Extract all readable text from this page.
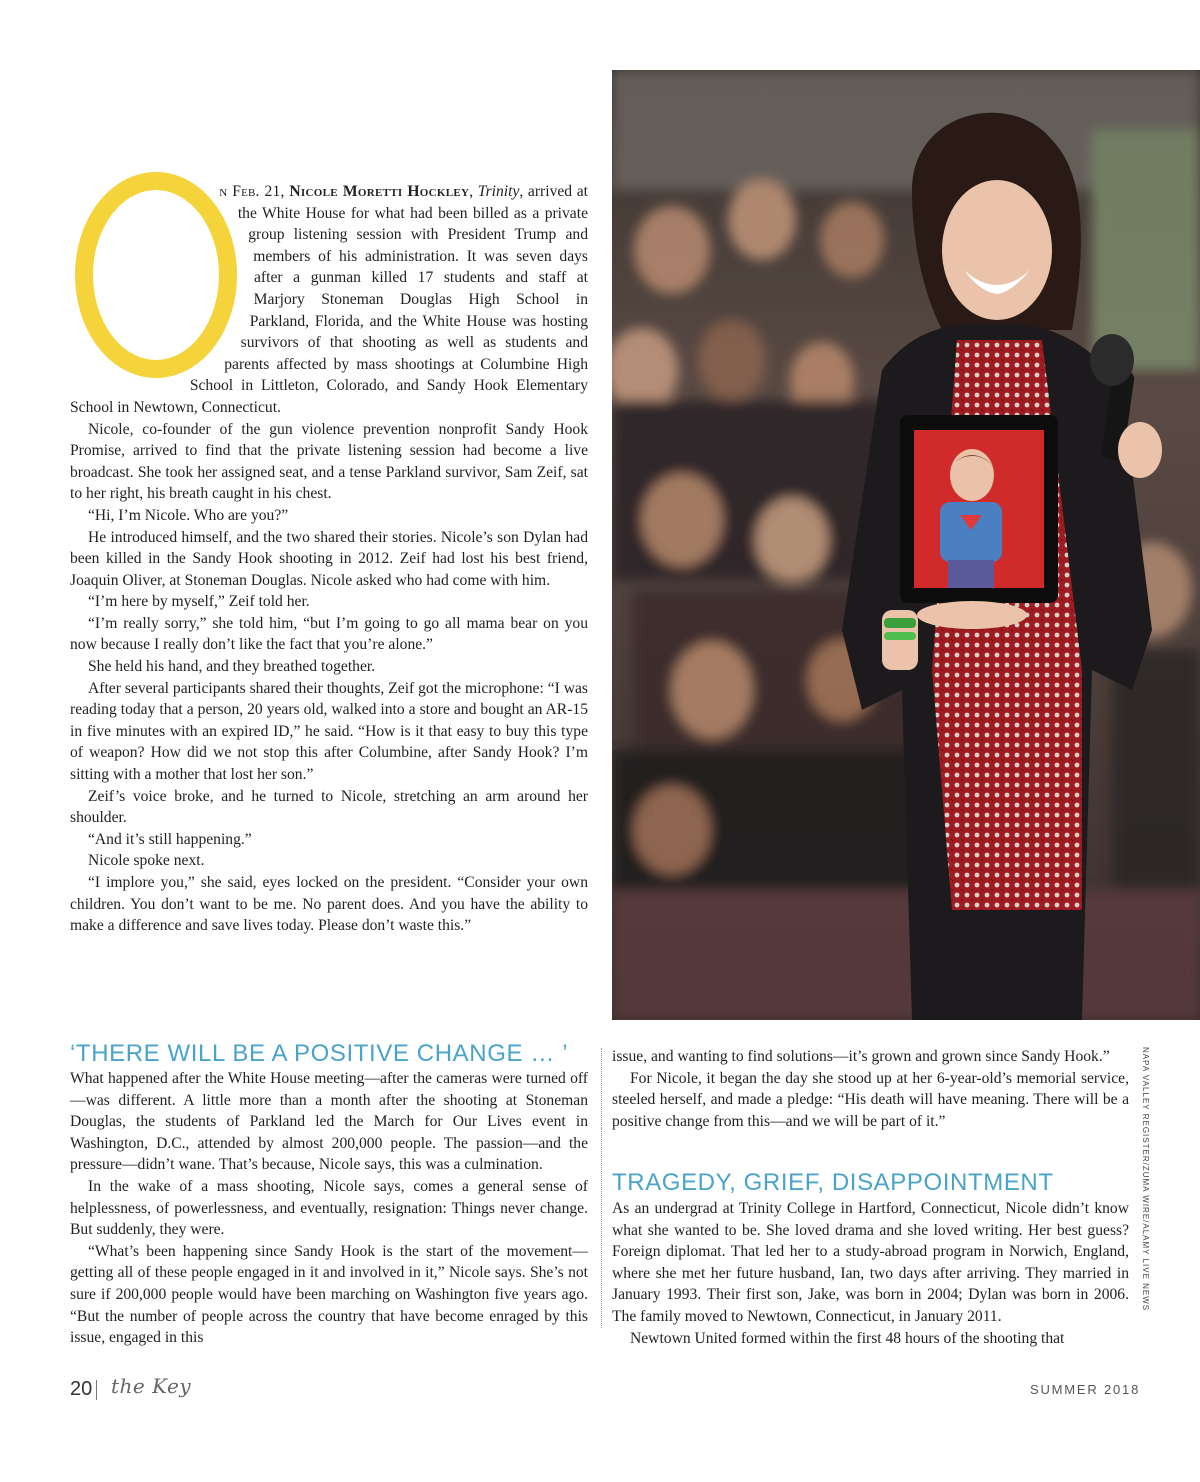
NAPA VALLEY REGISTER/ZUMA WIRE/ALAMY LIVE NEWS

n Feb. 21, Nicole Moretti Hockley, Trinity, arrived at the White House for what had been billed as a private group listening session with President Trump and members of his administration. It was seven days after a gunman killed 17 students and staff at Marjory Stoneman Douglas High School in Parkland, Florida, and the White House was hosting survivors of that shooting as well as students and parents affected by mass shootings at Columbine High School in Littleton, Colorado, and Sandy Hook Elementary School in Newtown, Connecticut.

Nicole, co-founder of the gun violence prevention nonprofit Sandy Hook Promise, arrived to find that the private listening session had become a live broadcast. She took her assigned seat, and a tense Parkland survivor, Sam Zeif, sat to her right, his breath caught in his chest.

“Hi, I’m Nicole. Who are you?”

He introduced himself, and the two shared their stories. Nicole’s son Dylan had been killed in the Sandy Hook shooting in 2012. Zeif had lost his best friend, Joaquin Oliver, at Stoneman Douglas. Nicole asked who had come with him.

“I’m here by myself,” Zeif told her.

“I’m really sorry,” she told him, “but I’m going to go all mama bear on you now because I really don’t like the fact that you’re alone.”

She held his hand, and they breathed together.

After several participants shared their thoughts, Zeif got the microphone: “I was reading today that a person, 20 years old, walked into a store and bought an AR-15 in five minutes with an expired ID,” he said. “How is it that easy to buy this type of weapon? How did we not stop this after Columbine, after Sandy Hook? I’m sitting with a mother that lost her son.”

Zeif’s voice broke, and he turned to Nicole, stretching an arm around her shoulder.

“And it’s still happening.”

Nicole spoke next.

“I implore you,” she said, eyes locked on the president. “Consider your own children. You don’t want to be me. No parent does. And you have the ability to make a difference and save lives today. Please don’t waste this.”

‘THERE WILL BE A POSITIVE CHANGE … ’

What happened after the White House meeting—after the cameras were turned off—was different. A little more than a month after the shooting at Stoneman Douglas, the students of Parkland led the March for Our Lives event in Washington, D.C., attended by almost 200,000 people. The passion—and the pressure—didn’t wane. That’s because, Nicole says, this was a culmination.

In the wake of a mass shooting, Nicole says, comes a general sense of helplessness, of powerlessness, and eventually, resignation: Things never change. But suddenly, they were.

“What’s been happening since Sandy Hook is the start of the movement—getting all of these people engaged in it and involved in it,” Nicole says. She’s not sure if 200,000 people would have been marching on Washington five years ago. “But the number of people across the country that have become enraged by this issue, engaged in this

issue, and wanting to find solutions—it’s grown and grown since Sandy Hook.”

For Nicole, it began the day she stood up at her 6-year-old’s memorial service, steeled herself, and made a pledge: “His death will have meaning. There will be a positive change from this—and we will be part of it.”

TRAGEDY, GRIEF, DISAPPOINTMENT

As an undergrad at Trinity College in Hartford, Connecticut, Nicole didn’t know what she wanted to be. She loved drama and she loved writing. Her best guess? Foreign diplomat. That led her to a study-abroad program in Norwich, England, where she met her future husband, Ian, two days after arriving. They married in January 1993. Their first son, Jake, was born in 2004; Dylan was born in 2006. The family moved to Newtown, Connecticut, in January 2011.

Newtown United formed within the first 48 hours of the shooting that

20 the Key	SUMMER 2018
